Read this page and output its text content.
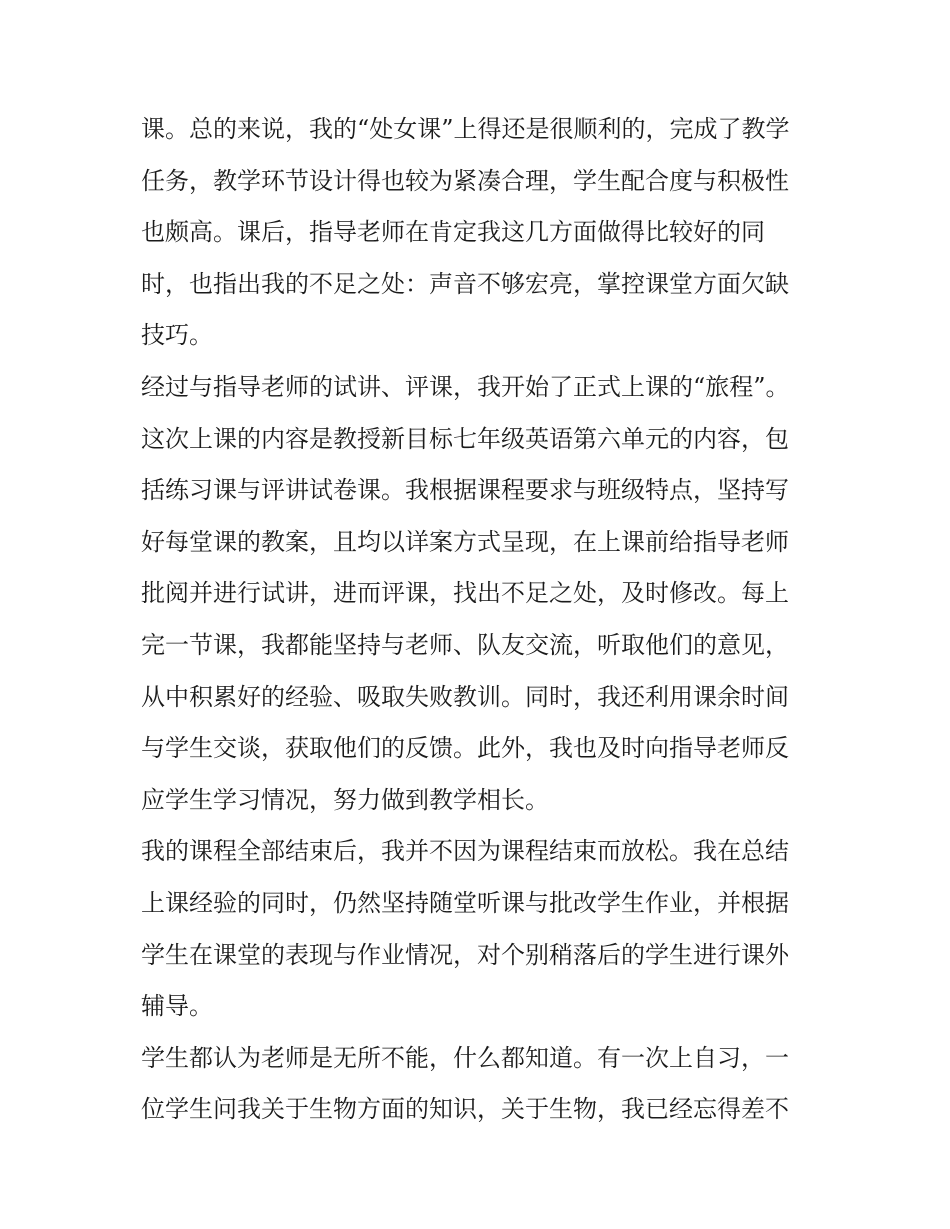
课。总的来说，我的“处女课”上得还是很顺利的，完成了教学
任务，教学环节设计得也较为紧凑合理，学生配合度与积极性
也颇高。课后，指导老师在肯定我这几方面做得比较好的同
时，也指出我的不足之处：声音不够宏亮，掌控课堂方面欠缺
技巧。
经过与指导老师的试讲、评课，我开始了正式上课的“旅程”。
这次上课的内容是教授新目标七年级英语第六单元的内容，包
括练习课与评讲试卷课。我根据课程要求与班级特点，坚持写
好每堂课的教案，且均以详案方式呈现，在上课前给指导老师
批阅并进行试讲，进而评课，找出不足之处，及时修改。每上
完一节课，我都能坚持与老师、队友交流，听取他们的意见，
从中积累好的经验、吸取失败教训。同时，我还利用课余时间
与学生交谈，获取他们的反馈。此外，我也及时向指导老师反
应学生学习情况，努力做到教学相长。
我的课程全部结束后，我并不因为课程结束而放松。我在总结
上课经验的同时，仍然坚持随堂听课与批改学生作业，并根据
学生在课堂的表现与作业情况，对个别稍落后的学生进行课外
辅导。
学生都认为老师是无所不能，什么都知道。有一次上自习，一
位学生问我关于生物方面的知识，关于生物，我已经忘得差不
